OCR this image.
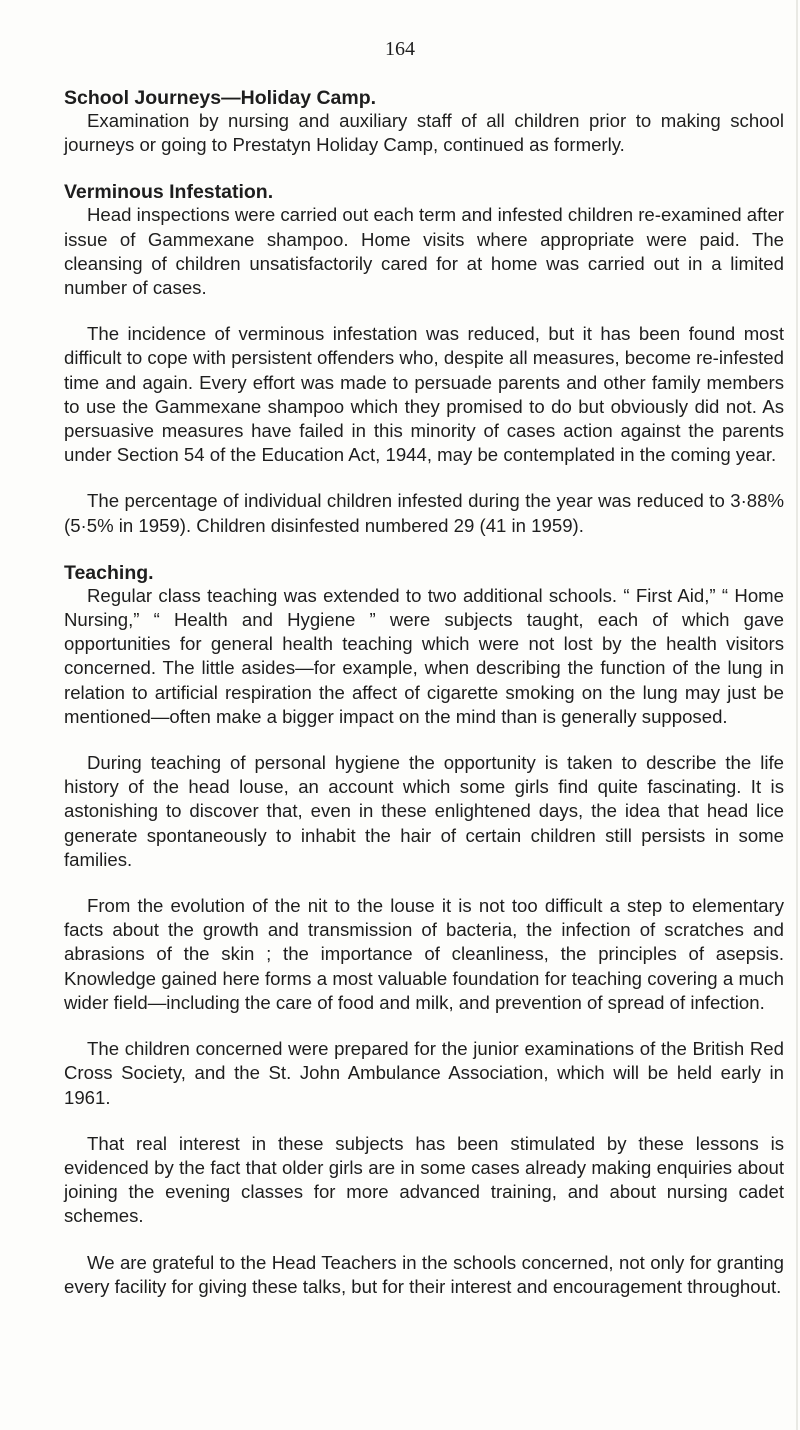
164
School Journeys—Holiday Camp.

Examination by nursing and auxiliary staff of all children prior to making school journeys or going to Prestatyn Holiday Camp, continued as formerly.

Verminous Infestation.

Head inspections were carried out each term and infested children re-examined after issue of Gammexane shampoo. Home visits where appropriate were paid. The cleansing of children unsatisfactorily cared for at home was carried out in a limited number of cases.

The incidence of verminous infestation was reduced, but it has been found most difficult to cope with persistent offenders who, despite all measures, become re-infested time and again. Every effort was made to persuade parents and other family members to use the Gammexane shampoo which they promised to do but obviously did not. As persuasive measures have failed in this minority of cases action against the parents under Section 54 of the Education Act, 1944, may be contemplated in the coming year.

The percentage of individual children infested during the year was reduced to 3·88% (5·5% in 1959). Children disinfested numbered 29 (41 in 1959).

Teaching.

Regular class teaching was extended to two additional schools. “ First Aid,” “ Home Nursing,” “ Health and Hygiene ” were subjects taught, each of which gave opportunities for general health teaching which were not lost by the health visitors concerned. The little asides—for example, when describing the function of the lung in relation to artificial respiration the affect of cigarette smoking on the lung may just be mentioned—often make a bigger impact on the mind than is generally supposed.

During teaching of personal hygiene the opportunity is taken to describe the life history of the head louse, an account which some girls find quite fascinating. It is astonishing to discover that, even in these enlightened days, the idea that head lice generate spontaneously to inhabit the hair of certain children still persists in some families.

From the evolution of the nit to the louse it is not too difficult a step to elementary facts about the growth and transmission of bacteria, the infection of scratches and abrasions of the skin ; the importance of cleanliness, the principles of asepsis. Knowledge gained here forms a most valuable foundation for teaching covering a much wider field—including the care of food and milk, and prevention of spread of infection.

The children concerned were prepared for the junior examinations of the British Red Cross Society, and the St. John Ambulance Association, which will be held early in 1961.

That real interest in these subjects has been stimulated by these lessons is evidenced by the fact that older girls are in some cases already making enquiries about joining the evening classes for more advanced training, and about nursing cadet schemes.

We are grateful to the Head Teachers in the schools concerned, not only for granting every facility for giving these talks, but for their interest and encouragement throughout.
